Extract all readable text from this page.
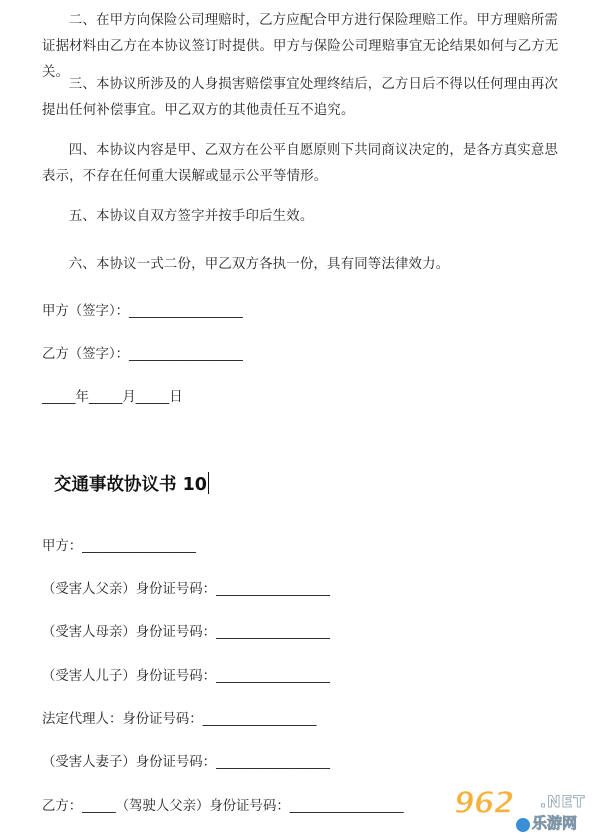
二、在甲方向保险公司理赔时，乙方应配合甲方进行保险理赔工作。甲方理赔所需证据材料由乙方在本协议签订时提供。甲方与保险公司理赔事宜无论结果如何与乙方无关。

三、本协议所涉及的人身损害赔偿事宜处理终结后，乙方日后不得以任何理由再次提出任何补偿事宜。甲乙双方的其他责任互不追究。

四、本协议内容是甲、乙双方在公平自愿原则下共同商议决定的，是各方真实意思表示，不存在任何重大误解或显示公平等情形。

五、本协议自双方签字并按手印后生效。

六、本协议一式二份，甲乙双方各执一份，具有同等法律效力。

甲方（签字）：_________________
乙方（签字）：_________________
_____年_____月_____日
交通事故协议书 10
甲方：_________________
（受害人父亲）身份证号码：_________________
（受害人母亲）身份证号码：_________________
（受害人儿子）身份证号码：_________________
法定代理人：身份证号码：_________________
（受害人妻子）身份证号码：_________________
乙方：_____（驾驶人父亲）身份证号码：_________________ 962 .NET
乐游网
